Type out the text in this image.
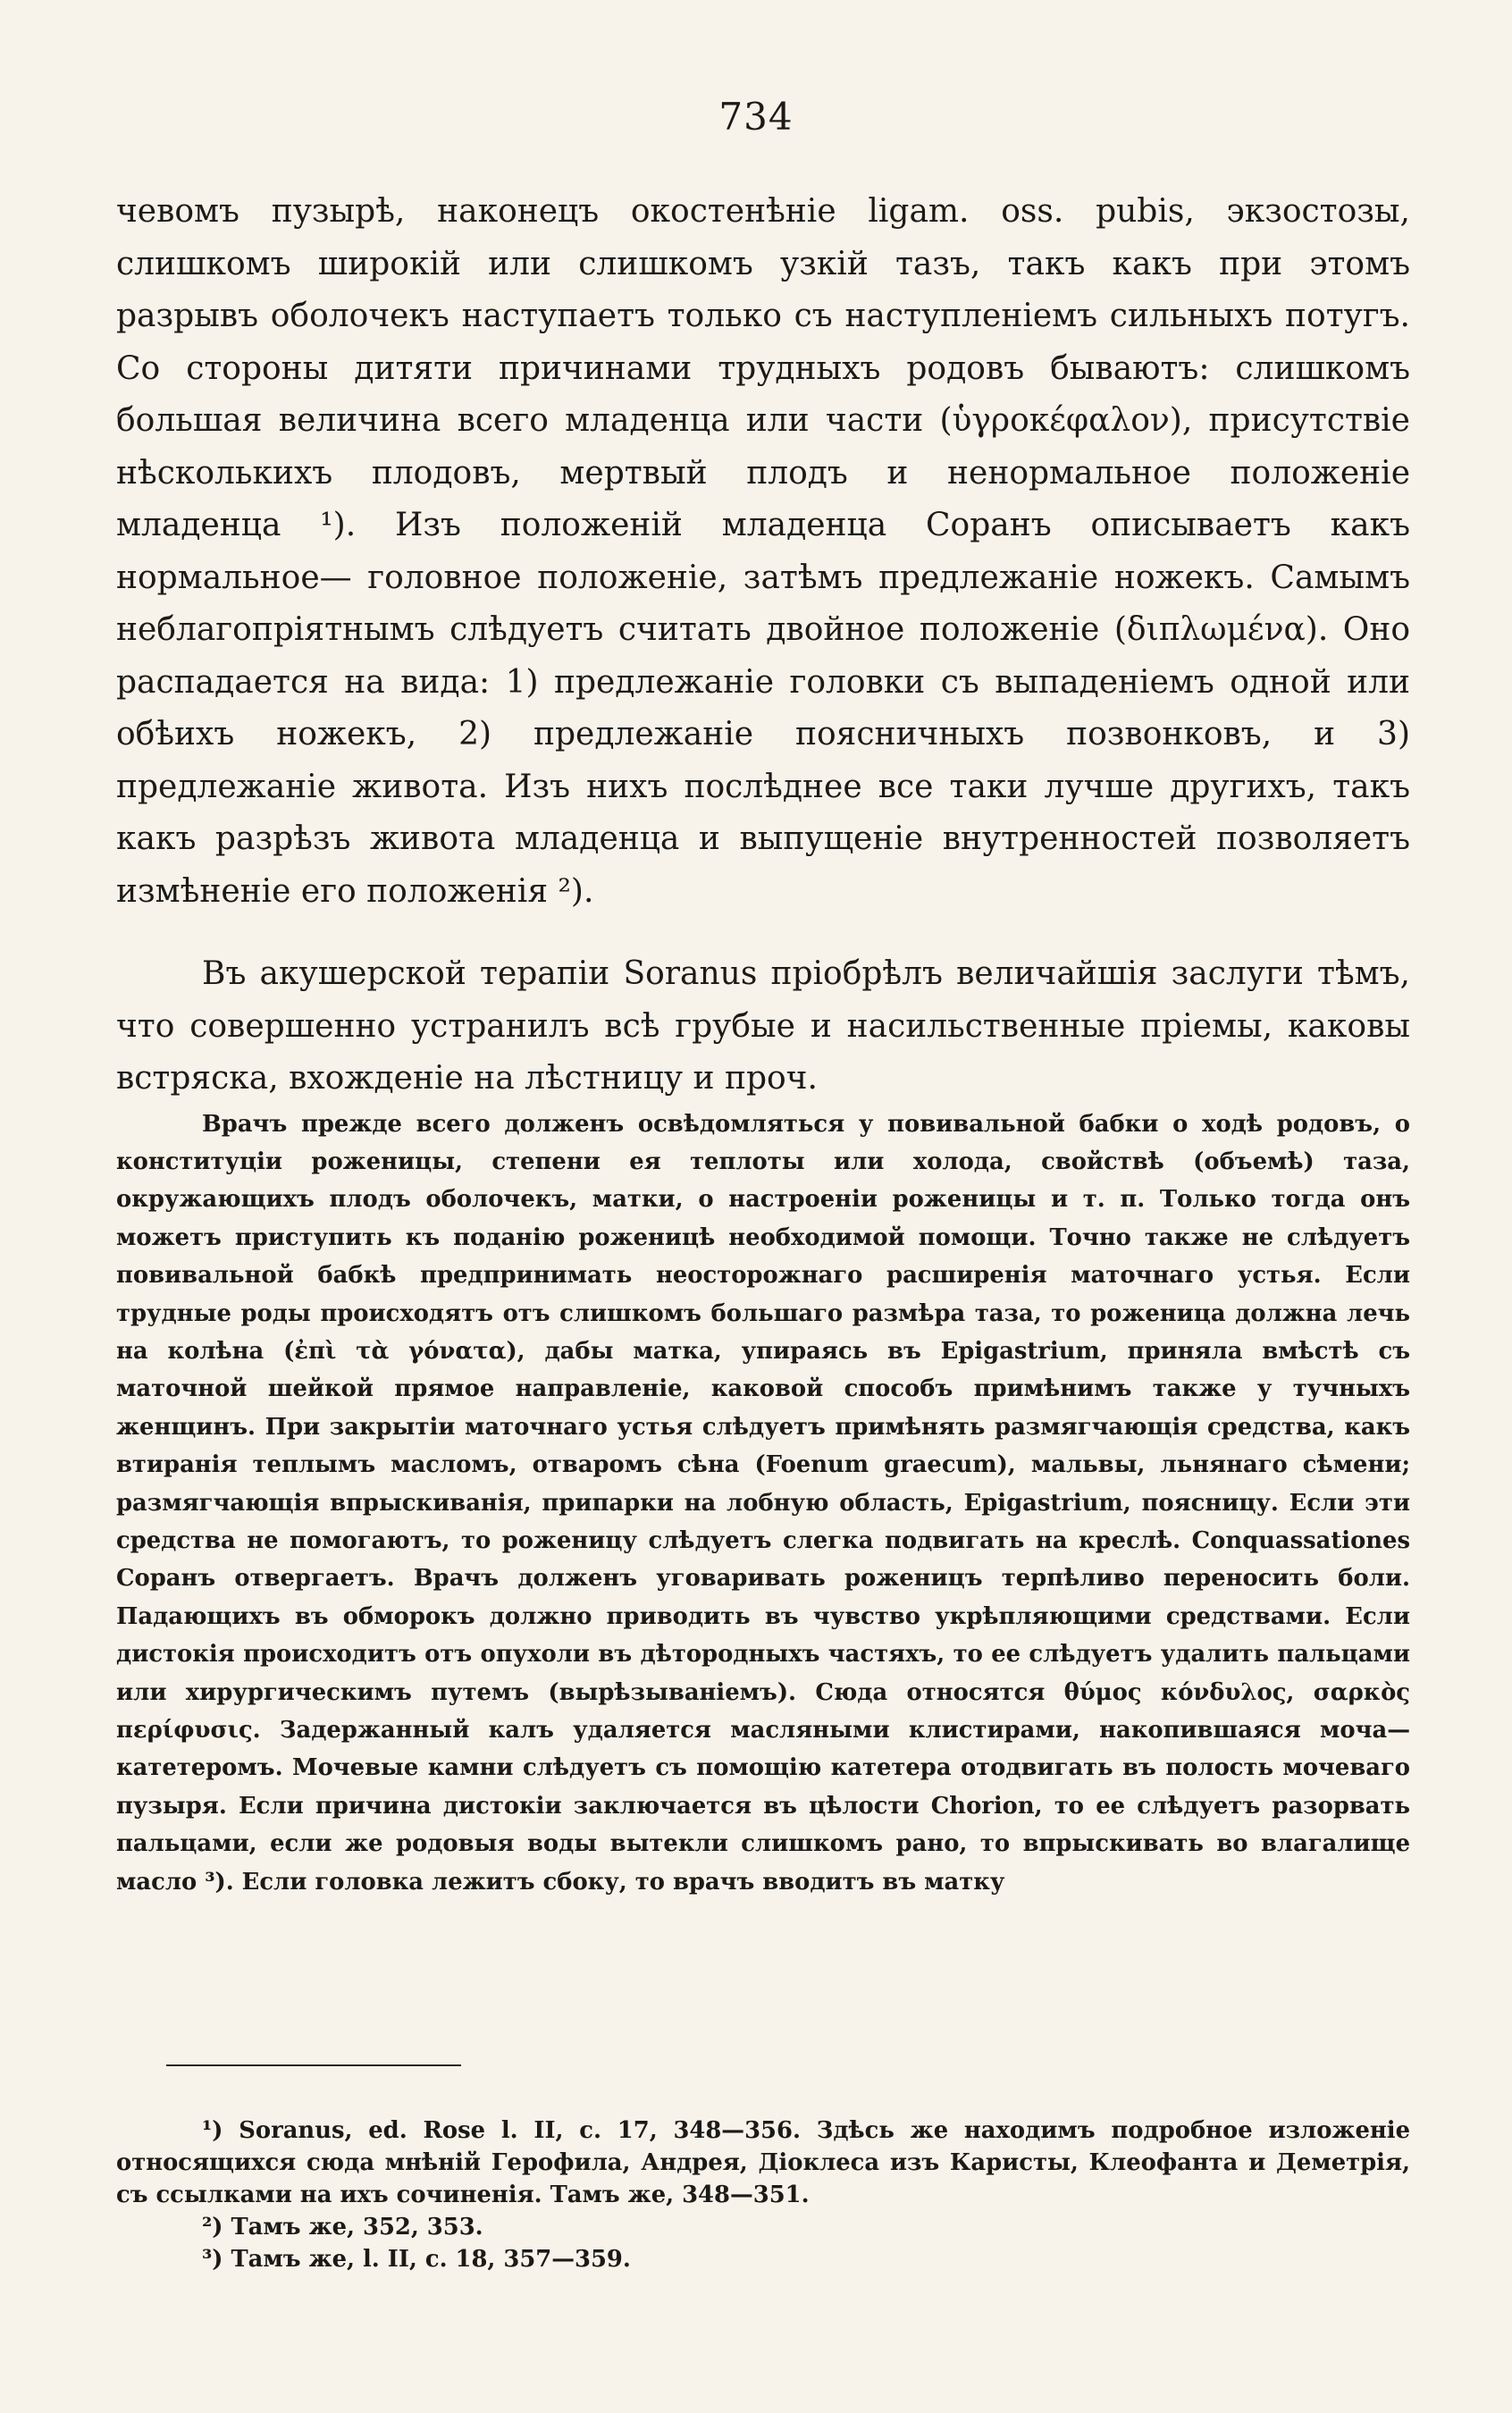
734

чевомъ пузырѣ, наконецъ окостенѣніе ligam. oss. pubis, экзостозы, слишкомъ широкій или слишкомъ узкій тазъ, такъ какъ при этомъ разрывъ оболочекъ наступаетъ только съ наступленіемъ сильныхъ потугъ. Со стороны дитяти причинами трудныхъ родовъ бываютъ: слишкомъ большая величина всего младенца или части (ὑγροκέφαλον), присутствіе нѣсколькихъ плодовъ, мертвый плодъ и ненормальное положеніе младенца ¹). Изъ положеній младенца Соранъ описываетъ какъ нормальное— головное положеніе, затѣмъ предлежаніе ножекъ. Самымъ неблагопріятнымъ слѣдуетъ считать двойное положеніе (διπλωμένα). Оно распадается на вида: 1) предлежаніе головки съ выпаденіемъ одной или обѣихъ ножекъ, 2) предлежаніе поясничныхъ позвонковъ, и 3) предлежаніе живота. Изъ нихъ послѣднее все таки лучше другихъ, такъ какъ разрѣзъ живота младенца и выпущеніе внутренностей позволяетъ измѣненіе его положенія ²).

Въ акушерской терапіи Soranus пріобрѣлъ величайшія заслуги тѣмъ, что совершенно устранилъ всѣ грубые и насильственные пріемы, каковы встряска, вхожденіе на лѣстницу и проч.

Врачъ прежде всего долженъ освѣдомляться у повивальной бабки о ходѣ родовъ, о конституціи роженицы, степени ея теплоты или холода, свойствѣ (объемѣ) таза, окружающихъ плодъ оболочекъ, матки, о настроеніи роженицы и т. п. Только тогда онъ можетъ приступить къ поданію роженицѣ необходимой помощи. Точно также не слѣдуетъ повивальной бабкѣ предпринимать неосторожнаго расширенія маточнаго устья. Если трудные роды происходятъ отъ слишкомъ большаго размѣра таза, то роженица должна лечь на колѣна (ἐπὶ τὰ γόνατα), дабы матка, упираясь въ Epigastrium, приняла вмѣстѣ съ маточной шейкой прямое направленіе, каковой способъ примѣнимъ также у тучныхъ женщинъ. При закрытіи маточнаго устья слѣдуетъ примѣнять размягчающія средства, какъ втиранія теплымъ масломъ, отваромъ сѣна (Foenum graecum), мальвы, льнянаго сѣмени; размягчающія впрыскиванія, припарки на лобную область, Epigastrium, поясницу. Если эти средства не помогаютъ, то роженицу слѣдуетъ слегка подвигать на креслѣ. Conquassationes Соранъ отвергаетъ. Врачъ долженъ уговаривать роженицъ терпѣливо переносить боли. Падающихъ въ обморокъ должно приводить въ чувство укрѣпляющими средствами. Если дистокія происходитъ отъ опухоли въ дѣтородныхъ частяхъ, то ее слѣдуетъ удалить пальцами или хирургическимъ путемъ (вырѣзываніемъ). Сюда относятся θύμος κόνδυλος, σαρκὸς περίφυσις. Задержанный калъ удаляется масляными клистирами, накопившаяся моча—катетеромъ. Мочевые камни слѣдуетъ съ помощію катетера отодвигать въ полость мочеваго пузыря. Если причина дистокіи заключается въ цѣлости Chorion, то ее слѣдуетъ разорвать пальцами, если же родовыя воды вытекли слишкомъ рано, то впрыскивать во влагалище масло ³). Если головка лежитъ сбоку, то врачъ вводитъ въ матку

¹) Soranus, ed. Rose l. II, c. 17, 348—356. Здѣсь же находимъ подробное изложеніе относящихся сюда мнѣній Герофила, Андрея, Діоклеса изъ Каристы, Клеофанта и Деметрія, съ ссылками на ихъ сочиненія. Тамъ же, 348—351.

²) Тамъ же, 352, 353.

³) Тамъ же, l. II, c. 18, 357—359.
